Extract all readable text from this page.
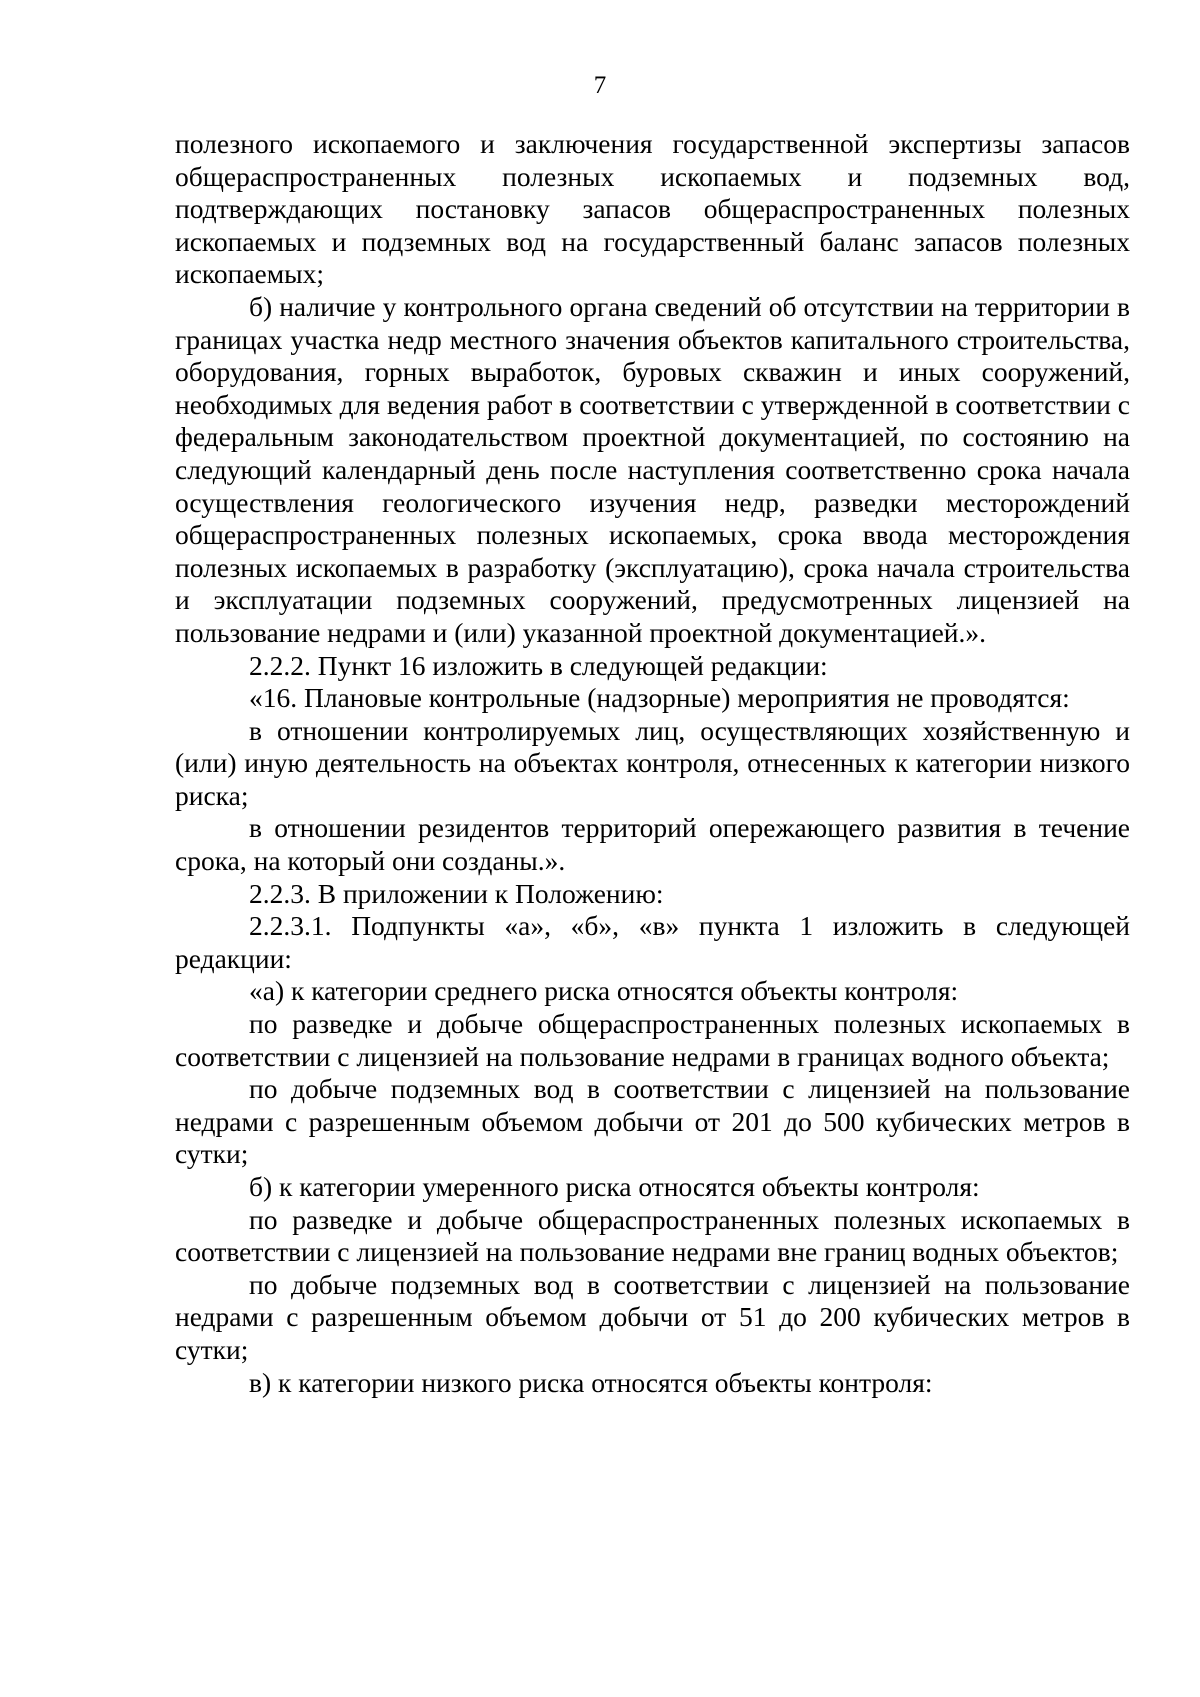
7

полезного ископаемого и заключения государственной экспертизы запасов общераспространенных полезных ископаемых и подземных вод, подтверждающих постановку запасов общераспространенных полезных ископаемых и подземных вод на государственный баланс запасов полезных ископаемых;

б) наличие у контрольного органа сведений об отсутствии на территории в границах участка недр местного значения объектов капитального строительства, оборудования, горных выработок, буровых скважин и иных сооружений, необходимых для ведения работ в соответствии с утвержденной в соответствии с федеральным законодательством проектной документацией, по состоянию на следующий календарный день после наступления соответственно срока начала осуществления геологического изучения недр, разведки месторождений общераспространенных полезных ископаемых, срока ввода месторождения полезных ископаемых в разработку (эксплуатацию), срока начала строительства и эксплуатации подземных сооружений, предусмотренных лицензией на пользование недрами и (или) указанной проектной документацией.».

2.2.2. Пункт 16 изложить в следующей редакции:

«16. Плановые контрольные (надзорные) мероприятия не проводятся:

в отношении контролируемых лиц, осуществляющих хозяйственную и (или) иную деятельность на объектах контроля, отнесенных к категории низкого риска;

в отношении резидентов территорий опережающего развития в течение срока, на который они созданы.».

2.2.3. В приложении к Положению:

2.2.3.1. Подпункты «а», «б», «в» пункта 1 изложить в следующей редакции:

«а) к категории среднего риска относятся объекты контроля:

по разведке и добыче общераспространенных полезных ископаемых в соответствии с лицензией на пользование недрами в границах водного объекта;

по добыче подземных вод в соответствии с лицензией на пользование недрами с разрешенным объемом добычи от 201 до 500 кубических метров в сутки;

б) к категории умеренного риска относятся объекты контроля:

по разведке и добыче общераспространенных полезных ископаемых в соответствии с лицензией на пользование недрами вне границ водных объектов;

по добыче подземных вод в соответствии с лицензией на пользование недрами с разрешенным объемом добычи от 51 до 200 кубических метров в сутки;

в) к категории низкого риска относятся объекты контроля:
